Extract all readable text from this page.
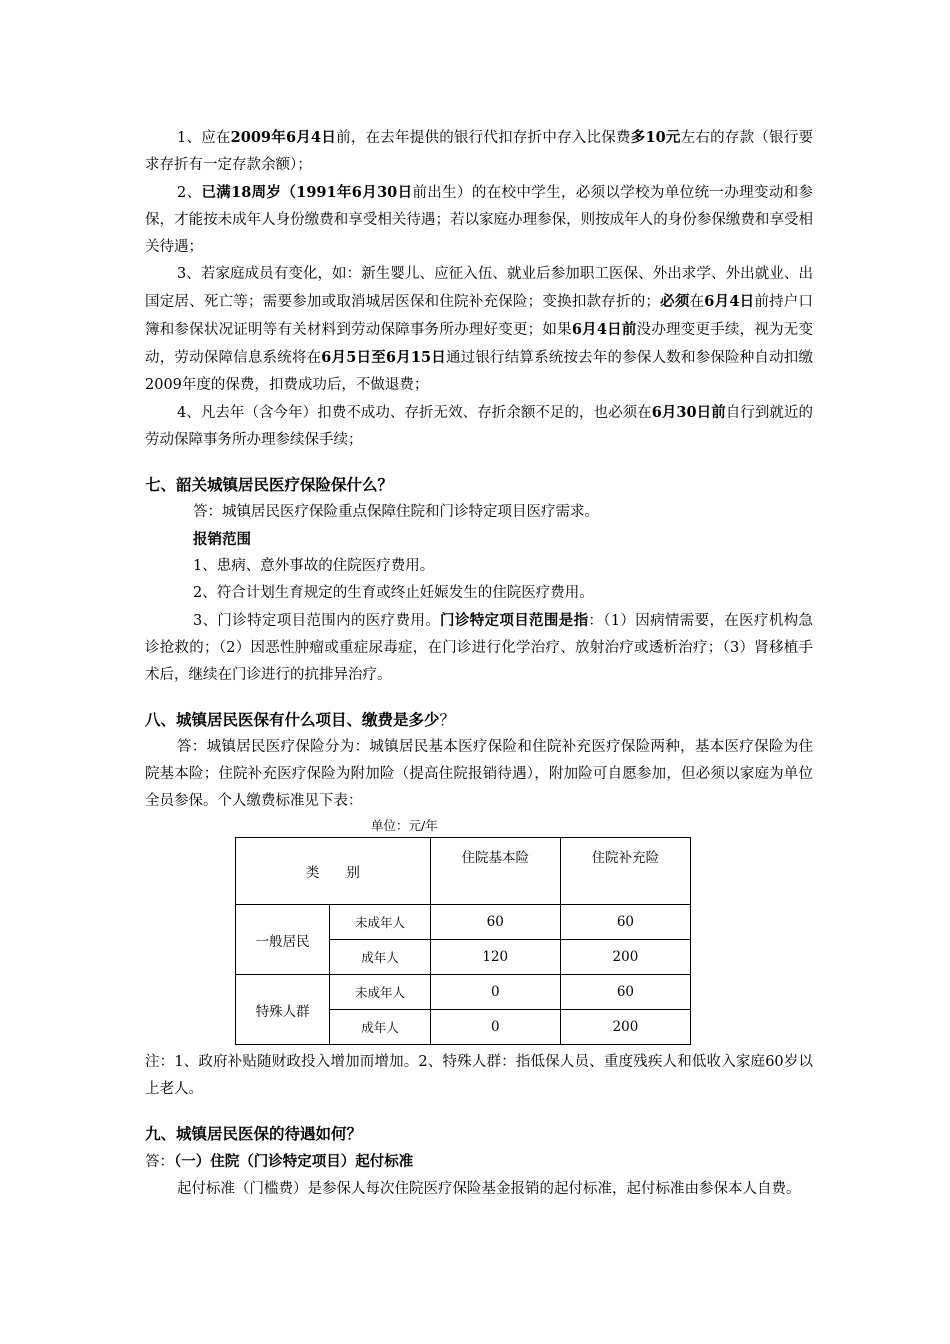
1、应在2009年6月4日前，在去年提供的银行代扣存折中存入比保费多10元左右的存款（银行要求存折有一定存款余额）；

2、已满18周岁（1991年6月30日前出生）的在校中学生，必须以学校为单位统一办理变动和参保，才能按未成年人身份缴费和享受相关待遇；若以家庭办理参保，则按成年人的身份参保缴费和享受相关待遇；

3、若家庭成员有变化，如：新生婴儿、应征入伍、就业后参加职工医保、外出求学、外出就业、出国定居、死亡等；需要参加或取消城居医保和住院补充保险；变换扣款存折的；必须在6月4日前持户口簿和参保状况证明等有关材料到劳动保障事务所办理好变更；如果6月4日前没办理变更手续，视为无变动，劳动保障信息系统将在6月5日至6月15日通过银行结算系统按去年的参保人数和参保险种自动扣缴2009年度的保费，扣费成功后，不做退费；

4、凡去年（含今年）扣费不成功、存折无效、存折余额不足的，也必须在6月30日前自行到就近的劳动保障事务所办理参续保手续；

七、韶关城镇居民医疗保险保什么？

答：城镇居民医疗保险重点保障住院和门诊特定项目医疗需求。

报销范围

1、患病、意外事故的住院医疗费用。

2、符合计划生育规定的生育或终止妊娠发生的住院医疗费用。

3、门诊特定项目范围内的医疗费用。门诊特定项目范围是指：（1）因病情需要，在医疗机构急诊抢救的；（2）因恶性肿瘤或重症尿毒症，在门诊进行化学治疗、放射治疗或透析治疗；（3）肾移植手术后，继续在门诊进行的抗排异治疗。

八、城镇居民医保有什么项目、缴费是多少？

答：城镇居民医疗保险分为：城镇居民基本医疗保险和住院补充医疗保险两种，基本医疗保险为住院基本险；住院补充医疗保险为附加险（提高住院报销待遇），附加险可自愿参加，但必须以家庭为单位全员参保。个人缴费标准见下表：

单位：元/年

类　　别		住院基本险	住院补充险
一般居民	未成年人	60	60
	成年人	120	200
特殊人群	未成年人	0	60
	成年人	0	200

注：1、政府补贴随财政投入增加而增加。2、特殊人群：指低保人员、重度残疾人和低收入家庭60岁以上老人。

九、城镇居民医保的待遇如何？

答：（一）住院（门诊特定项目）起付标准

起付标准（门槛费）是参保人每次住院医疗保险基金报销的起付标准，起付标准由参保本人自费。
